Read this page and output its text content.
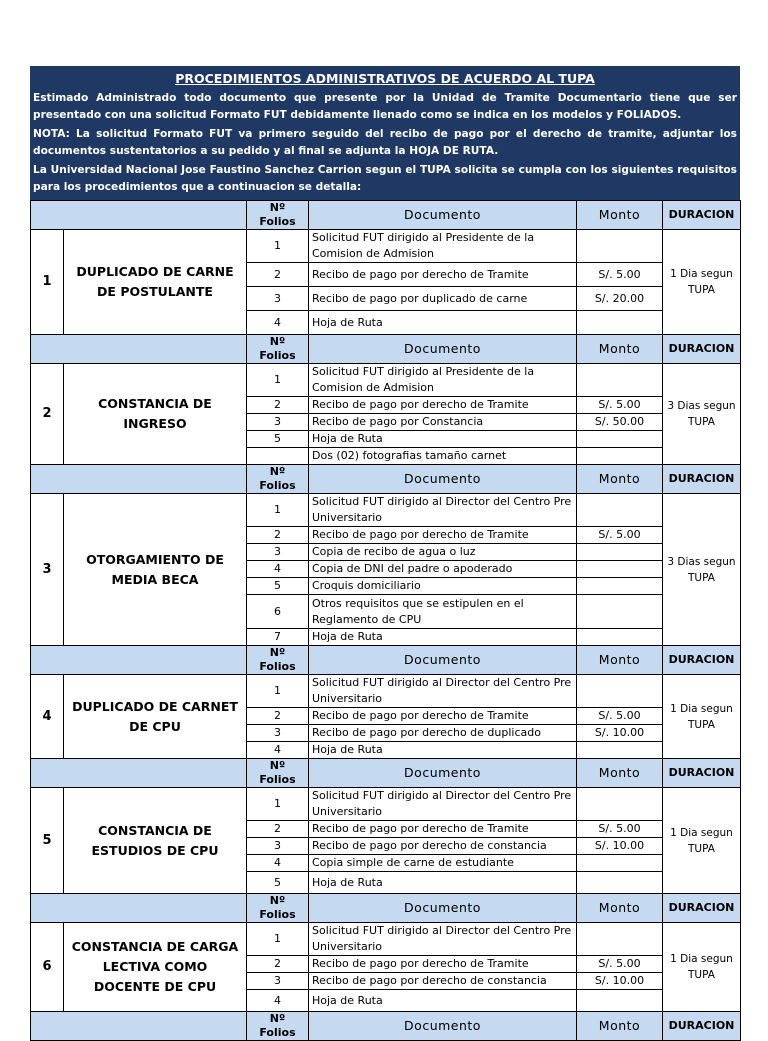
PROCEDIMIENTOS ADMINISTRATIVOS DE ACUERDO AL TUPA

Estimado Administrado todo documento que presente por la Unidad de Tramite Documentario tiene que ser presentado con una solicitud Formato FUT debidamente llenado como se indica en los modelos y FOLIADOS.

NOTA: La solicitud Formato FUT va primero seguido del recibo de pago por el derecho de tramite, adjuntar los documentos sustentatorios a su pedido y al final se adjunta la HOJA DE RUTA.

La Universidad Nacional Jose Faustino Sanchez Carrion segun el TUPA solicita se cumpla con los siguientes requisitos para los procedimientos que a continuacion se detalla:

		Nº Folios	Documento	Monto	DURACION
1	DUPLICADO DE CARNE DE POSTULANTE	1	Solicitud FUT dirigido al Presidente de la Comision de Admision		1 Dia segun TUPA
		2	Recibo de pago por derecho de Tramite	S/. 5.00	
		3	Recibo de pago por duplicado de carne	S/. 20.00	
		4	Hoja de Ruta		
		Nº Folios	Documento	Monto	DURACION
2	CONSTANCIA DE INGRESO	1	Solicitud FUT dirigido al Presidente de la Comision de Admision		3 Dias segun TUPA
		2	Recibo de pago por derecho de Tramite	S/. 5.00	
		3	Recibo de pago por Constancia	S/. 50.00	
		5	Hoja de Ruta		
			Dos (02) fotografias tamaño carnet		
		Nº Folios	Documento	Monto	DURACION
3	OTORGAMIENTO DE MEDIA BECA	1	Solicitud FUT dirigido al Director del Centro Pre Universitario		3 Dias segun TUPA
		2	Recibo de pago por derecho de Tramite	S/. 5.00	
		3	Copia de recibo de agua o luz		
		4	Copia de DNI del padre o apoderado		
		5	Croquis domiciliario		
		6	Otros requisitos que se estipulen en el Reglamento de CPU		
		7	Hoja de Ruta		
		Nº Folios	Documento	Monto	DURACION
4	DUPLICADO DE CARNET DE CPU	1	Solicitud FUT dirigido al Director del Centro Pre Universitario		1 Dia segun TUPA
		2	Recibo de pago por derecho de Tramite	S/. 5.00	
		3	Recibo de pago por derecho de duplicado	S/. 10.00	
		4	Hoja de Ruta		
		Nº Folios	Documento	Monto	DURACION
5	CONSTANCIA DE ESTUDIOS DE CPU	1	Solicitud FUT dirigido al Director del Centro Pre Universitario		1 Dia segun TUPA
		2	Recibo de pago por derecho de Tramite	S/. 5.00	
		3	Recibo de pago por derecho de constancia	S/. 10.00	
		4	Copia simple de carne de estudiante		
		5	Hoja de Ruta		
		Nº Folios	Documento	Monto	DURACION
6	CONSTANCIA DE CARGA LECTIVA COMO DOCENTE DE CPU	1	Solicitud FUT dirigido al Director del Centro Pre Universitario		1 Dia segun TUPA
		2	Recibo de pago por derecho de Tramite	S/. 5.00	
		3	Recibo de pago por derecho de constancia	S/. 10.00	
		4	Hoja de Ruta		
		Nº Folios	Documento	Monto	DURACION
